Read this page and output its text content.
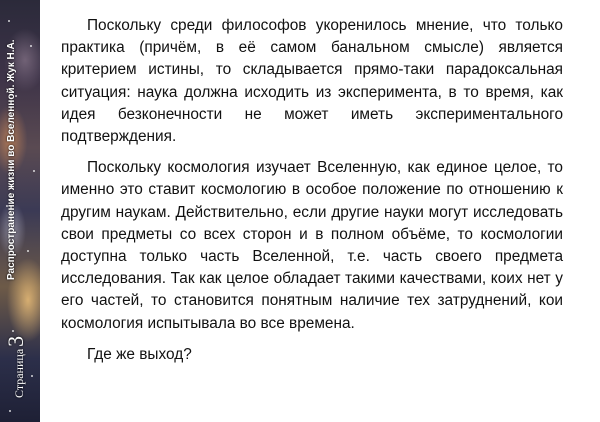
Распространение жизни во Вселенной. Жук Н.А.
Страница
3

Поскольку среди философов укоренилось мнение, что только практика (причём, в её самом банальном смысле) является критерием истины, то складывается прямо-таки парадоксальная ситуация: наука должна исходить из эксперимента, в то время, как идея безконечности не может иметь экспериментального подтверждения.

Поскольку космология изучает Вселенную, как единое целое, то именно это ставит космологию в особое положение по отношению к другим наукам. Действительно, если другие науки могут исследовать свои предметы со всех сторон и в полном объёме, то космологии доступна только часть Вселенной, т.е. часть своего предмета исследования. Так как целое обладает такими качествами, коих нет у его частей, то становится понятным наличие тех затруднений, кои космология испытывала во все времена.

Где же выход?
